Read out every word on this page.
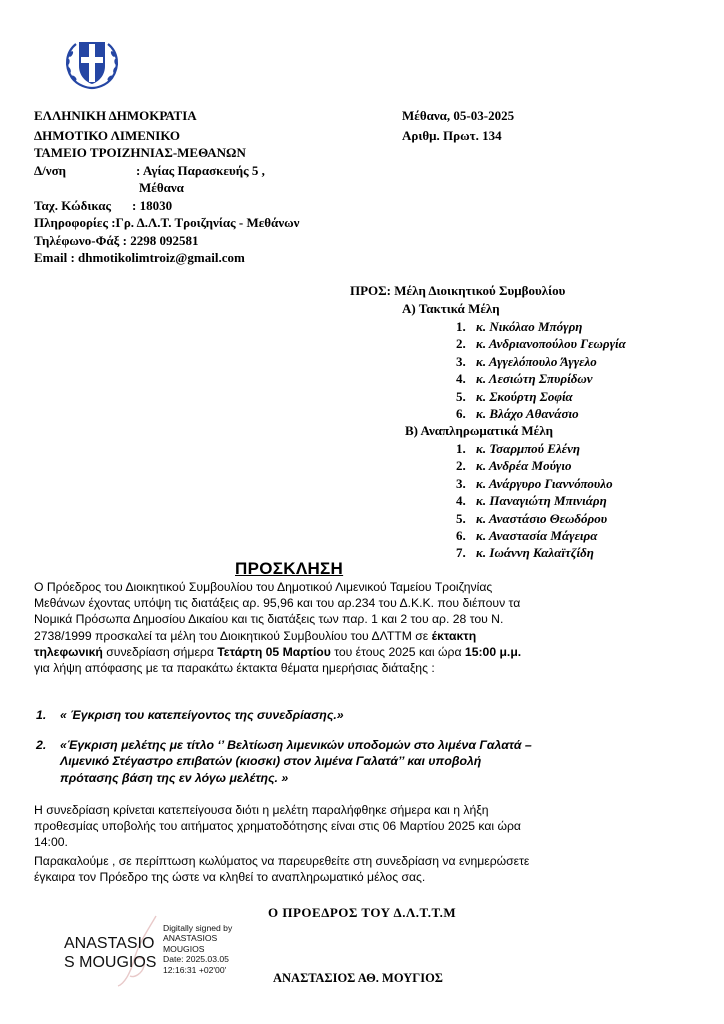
ΕΛΛΗΝΙΚΗ ΔΗΜΟΚΡΑΤΙΑ
ΔΗΜΟΤΙΚΟ ΛΙΜΕΝΙΚΟ
ΤΑΜΕΙΟ ΤΡΟΙΖΗΝΙΑΣ-ΜΕΘΑΝΩΝ
Δ/νση	: Αγίας Παρασκευής 5 ,
Μέθανα
Ταχ. Κώδικας : 18030
Πληροφορίες :Γρ. Δ.Λ.Τ. Τροιζηνίας - Μεθάνων
Τηλέφωνο-Φάξ : 2298 092581
Email : dhmotikolimtroiz@gmail.com
Μέθανα, 05-03-2025
Αριθμ. Πρωτ. 134
ΠΡΟΣ: Μέλη Διοικητικού Συμβουλίου
Α) Τακτικά Μέλη
1. κ. Νικόλαο Μπόγρη
2. κ. Ανδριανοπούλου Γεωργία
3. κ. Αγγελόπουλο Άγγελο
4. κ. Λεσιώτη Σπυρίδων
5. κ. Σκούρτη Σοφία
6. κ. Βλάχο Αθανάσιο
Β) Αναπληρωματικά Μέλη
1. κ. Τσαρμπού Ελένη
2. κ. Ανδρέα Μούγιο
3. κ. Ανάργυρο Γιαννόπουλο
4. κ. Παναγιώτη Μπινιάρη
5. κ. Αναστάσιο Θεωδόρου
6. κ. Αναστασία Μάγειρα
7. κ. Ιωάννη Καλαϊτζίδη
ΠΡΟΣΚΛΗΣΗ
Ο Πρόεδρος του Διοικητικού Συμβουλίου του Δημοτικού Λιμενικού Ταμείου Τροιζηνίας
Μεθάνων έχοντας υπόψη τις διατάξεις αρ. 95,96 και του αρ.234 του Δ.Κ.Κ. που διέπουν τα
Νομικά Πρόσωπα Δημοσίου Δικαίου και τις διατάξεις των παρ. 1 και 2 του αρ. 28 του Ν.
2738/1999 προσκαλεί τα μέλη του Διοικητικού Συμβουλίου του ΔΛΤΤΜ σε έκτακτη
τηλεφωνική συνεδρίαση σήμερα Τετάρτη 05 Μαρτίου του έτους 2025 και ώρα 15:00 μ.μ.
για λήψη απόφασης με τα παρακάτω έκτακτα θέματα ημερήσιας διάταξης :
1. « Έγκριση του κατεπείγοντος της συνεδρίασης.»
2. «Έγκριση μελέτης με τίτλο ‘’ Βελτίωση λιμενικών υποδομών στο λιμένα Γαλατά –
Λιμενικό Στέγαστρο επιβατών (κιοσκι) στον λιμένα Γαλατά’’ και υποβολή
πρότασης βάση της εν λόγω μελέτης. »
Η συνεδρίαση κρίνεται κατεπείγουσα διότι η μελέτη παραλήφθηκε σήμερα και η λήξη
προθεσμίας υποβολής του αιτήματος χρηματοδότησης είναι στις 06 Μαρτίου 2025 και ώρα
14:00.
Παρακαλούμε , σε περίπτωση κωλύματος να παρευρεθείτε στη συνεδρίαση να ενημερώσετε
έγκαιρα τον Πρόεδρο της ώστε να κληθεί το αναπληρωματικό μέλος σας.
Ο ΠΡΟΕΔΡΟΣ ΤΟΥ Δ.Λ.Τ.Τ.Μ
ANASTASIO
S MOUGIOS
Digitally signed by
ANASTASIOS
MOUGIOS
Date: 2025.03.05
12:16:31 +02'00'
ΑΝΑΣΤΑΣΙΟΣ ΑΘ. ΜΟΥΓΙΟΣ
